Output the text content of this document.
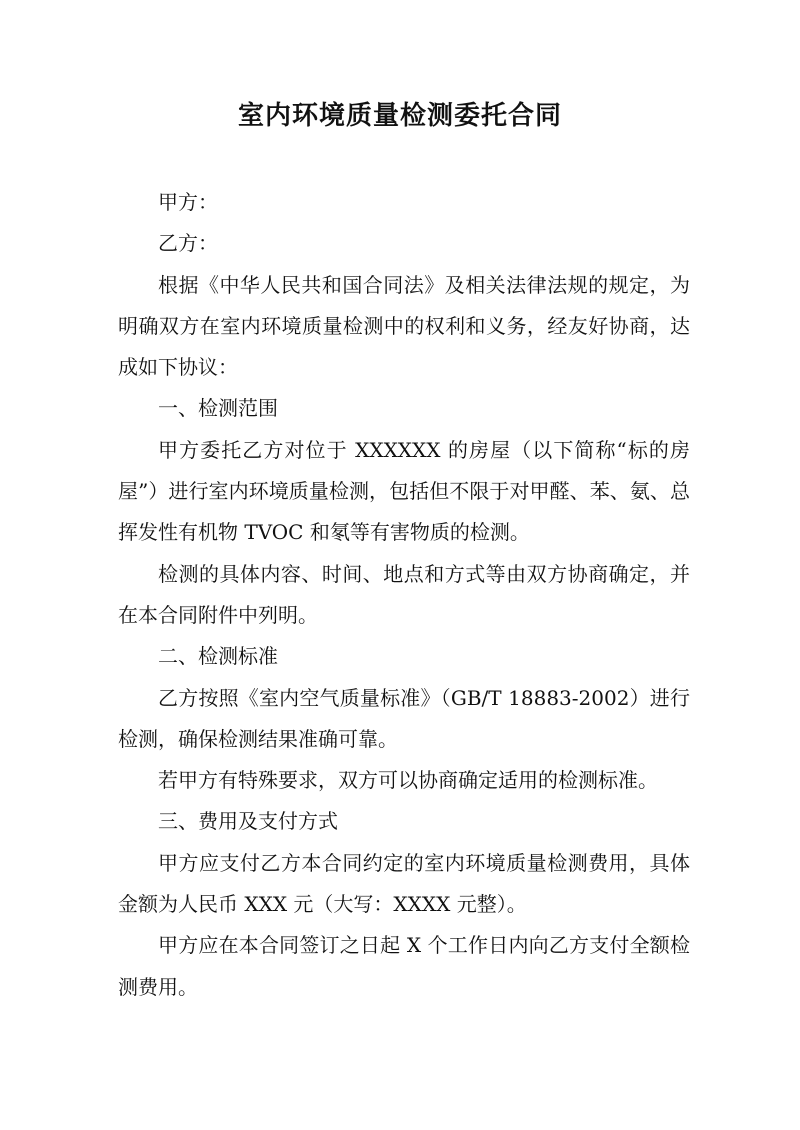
室内环境质量检测委托合同

甲方：

乙方：

根据《中华人民共和国合同法》及相关法律法规的规定，为明确双方在室内环境质量检测中的权利和义务，经友好协商，达成如下协议：

一、检测范围

甲方委托乙方对位于 XXXXXX 的房屋（以下简称“标的房屋”）进行室内环境质量检测，包括但不限于对甲醛、苯、氨、总挥发性有机物 TVOC 和氡等有害物质的检测。

检测的具体内容、时间、地点和方式等由双方协商确定，并在本合同附件中列明。

二、检测标准

乙方按照《室内空气质量标准》（GB/T 18883-2002）进行检测，确保检测结果准确可靠。

若甲方有特殊要求，双方可以协商确定适用的检测标准。

三、费用及支付方式

甲方应支付乙方本合同约定的室内环境质量检测费用，具体金额为人民币 XXX 元（大写：XXXX 元整）。

甲方应在本合同签订之日起 X 个工作日内向乙方支付全额检测费用。
